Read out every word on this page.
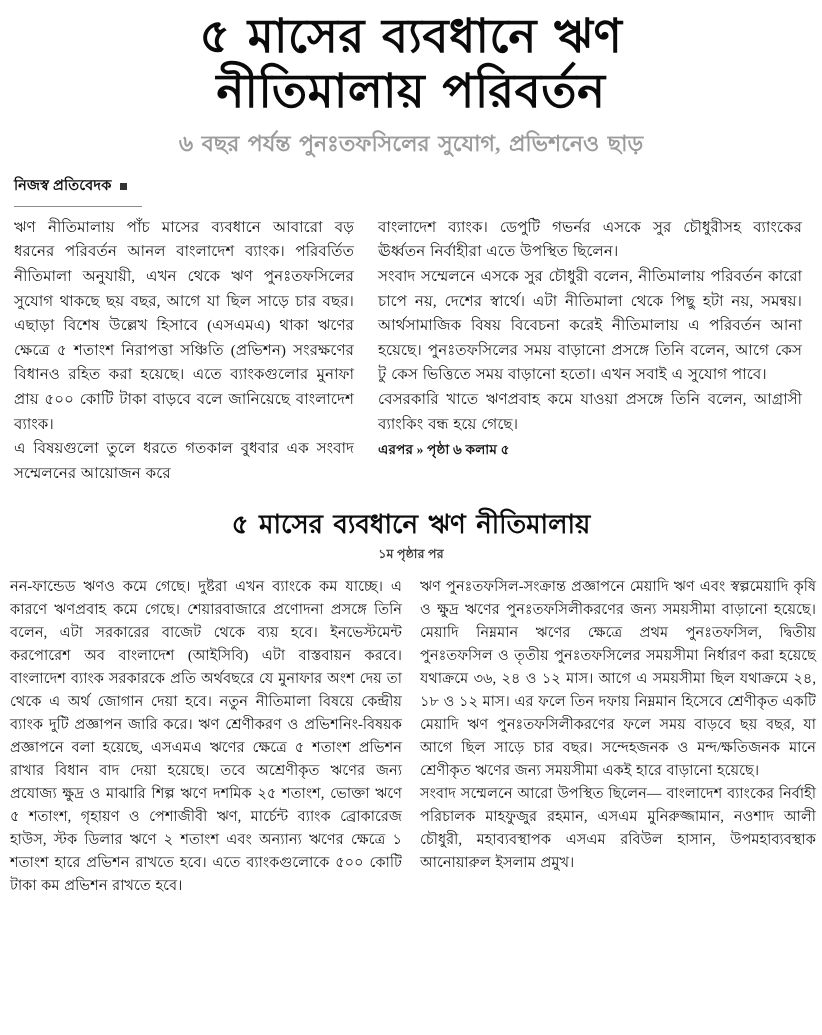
৫ মাসের ব্যবধানে ঋণ
নীতিমালায় পরিবর্তন
৬ বছর পর্যন্ত পুনঃতফসিলের সুযোগ, প্রভিশনেও ছাড়
নিজস্ব প্রতিবেদক

ঋণ নীতিমালায় পাঁচ মাসের ব্যবধানে আবারো বড় ধরনের পরিবর্তন আনল বাংলাদেশ ব্যাংক। পরিবর্তিত নীতিমালা অনুযায়ী, এখন থেকে ঋণ পুনঃতফসিলের সুযোগ থাকছে ছয় বছর, আগে যা ছিল সাড়ে চার বছর। এছাড়া বিশেষ উল্লেখ হিসাবে (এসএমএ) থাকা ঋণের ক্ষেত্রে ৫ শতাংশ নিরাপত্তা সঞ্চিতি (প্রভিশন) সংরক্ষণের বিধানও রহিত করা হয়েছে। এতে ব্যাংকগুলোর মুনাফা প্রায় ৫০০ কোটি টাকা বাড়বে বলে জানিয়েছে বাংলাদেশ ব্যাংক।

এ বিষয়গুলো তুলে ধরতে গতকাল বুধবার এক সংবাদ সম্মেলনের আয়োজন করে

বাংলাদেশ ব্যাংক। ডেপুটি গভর্নর এসকে সুর চৌধুরীসহ ব্যাংকের ঊর্ধ্বতন নির্বাহীরা এতে উপস্থিত ছিলেন।

সংবাদ সম্মেলনে এসকে সুর চৌধুরী বলেন, নীতিমালায় পরিবর্তন কারো চাপে নয়, দেশের স্বার্থে। এটা নীতিমালা থেকে পিছু হটা নয়, সমন্বয়। আর্থসামাজিক বিষয় বিবেচনা করেই নীতিমালায় এ পরিবর্তন আনা হয়েছে। পুনঃতফসিলের সময় বাড়ানো প্রসঙ্গে তিনি বলেন, আগে কেস টু কেস ভিত্তিতে সময় বাড়ানো হতো। এখন সবাই এ সুযোগ পাবে।

বেসরকারি খাতে ঋণপ্রবাহ কমে যাওয়া প্রসঙ্গে তিনি বলেন, আগ্রাসী ব্যাংকিং বন্ধ হয়ে গেছে।

এরপর » পৃষ্ঠা ৬ কলাম ৫

৫ মাসের ব্যবধানে ঋণ নীতিমালায়
১ম পৃষ্ঠার পর

নন-ফান্ডেড ঋণও কমে গেছে। দুষ্টরা এখন ব্যাংকে কম যাচ্ছে। এ কারণে ঋণপ্রবাহ কমে গেছে। শেয়ারবাজারে প্রণোদনা প্রসঙ্গে তিনি বলেন, এটা সরকারের বাজেট থেকে ব্যয় হবে। ইনভেস্টমেন্ট করপোরেশ অব বাংলাদেশ (আইসিবি) এটা বাস্তবায়ন করবে। বাংলাদেশ ব্যাংক সরকারকে প্রতি অর্থবছরে যে মুনাফার অংশ দেয় তা থেকে এ অর্থ জোগান দেয়া হবে। নতুন নীতিমালা বিষয়ে কেন্দ্রীয় ব্যাংক দুটি প্রজ্ঞাপন জারি করে। ঋণ শ্রেণীকরণ ও প্রভিশনিং-বিষয়ক প্রজ্ঞাপনে বলা হয়েছে, এসএমএ ঋণের ক্ষেত্রে ৫ শতাংশ প্রভিশন রাখার বিধান বাদ দেয়া হয়েছে। তবে অশ্রেণীকৃত ঋণের জন্য প্রযোজ্য ক্ষুদ্র ও মাঝারি শিল্প ঋণে দশমিক ২৫ শতাংশ, ভোক্তা ঋণে ৫ শতাংশ, গৃহায়ণ ও পেশাজীবী ঋণ, মার্চেন্ট ব্যাংক ব্রোকারেজ হাউস, স্টক ডিলার ঋণে ২ শতাংশ এবং অন্যান্য ঋণের ক্ষেত্রে ১ শতাংশ হারে প্রভিশন রাখতে হবে। এতে ব্যাংকগুলোকে ৫০০ কোটি টাকা কম প্রভিশন রাখতে হবে।

ঋণ পুনঃতফসিল-সংক্রান্ত প্রজ্ঞাপনে মেয়াদি ঋণ এবং স্বল্পমেয়াদি কৃষি ও ক্ষুদ্র ঋণের পুনঃতফসিলীকরণের জন্য সময়সীমা বাড়ানো হয়েছে। মেয়াদি নিম্নমান ঋণের ক্ষেত্রে প্রথম পুনঃতফসিল, দ্বিতীয় পুনঃতফসিল ও তৃতীয় পুনঃতফসিলের সময়সীমা নির্ধারণ করা হয়েছে যথাক্রমে ৩৬, ২৪ ও ১২ মাস। আগে এ সময়সীমা ছিল যথাক্রমে ২৪, ১৮ ও ১২ মাস। এর ফলে তিন দফায় নিম্নমান হিসেবে শ্রেণীকৃত একটি মেয়াদি ঋণ পুনঃতফসিলীকরণের ফলে সময় বাড়বে ছয় বছর, যা আগে ছিল সাড়ে চার বছর। সন্দেহজনক ও মন্দ/ক্ষতিজনক মানে শ্রেণীকৃত ঋণের জন্য সময়সীমা একই হারে বাড়ানো হয়েছে।

সংবাদ সম্মেলনে আরো উপস্থিত ছিলেন— বাংলাদেশ ব্যাংকের নির্বাহী পরিচালক মাহফুজুর রহমান, এসএম মুনিরুজ্জামান, নওশাদ আলী চৌধুরী, মহাব্যবস্থাপক এসএম রবিউল হাসান, উপমহাব্যবস্থাক আনোয়ারুল ইসলাম প্রমুখ।
